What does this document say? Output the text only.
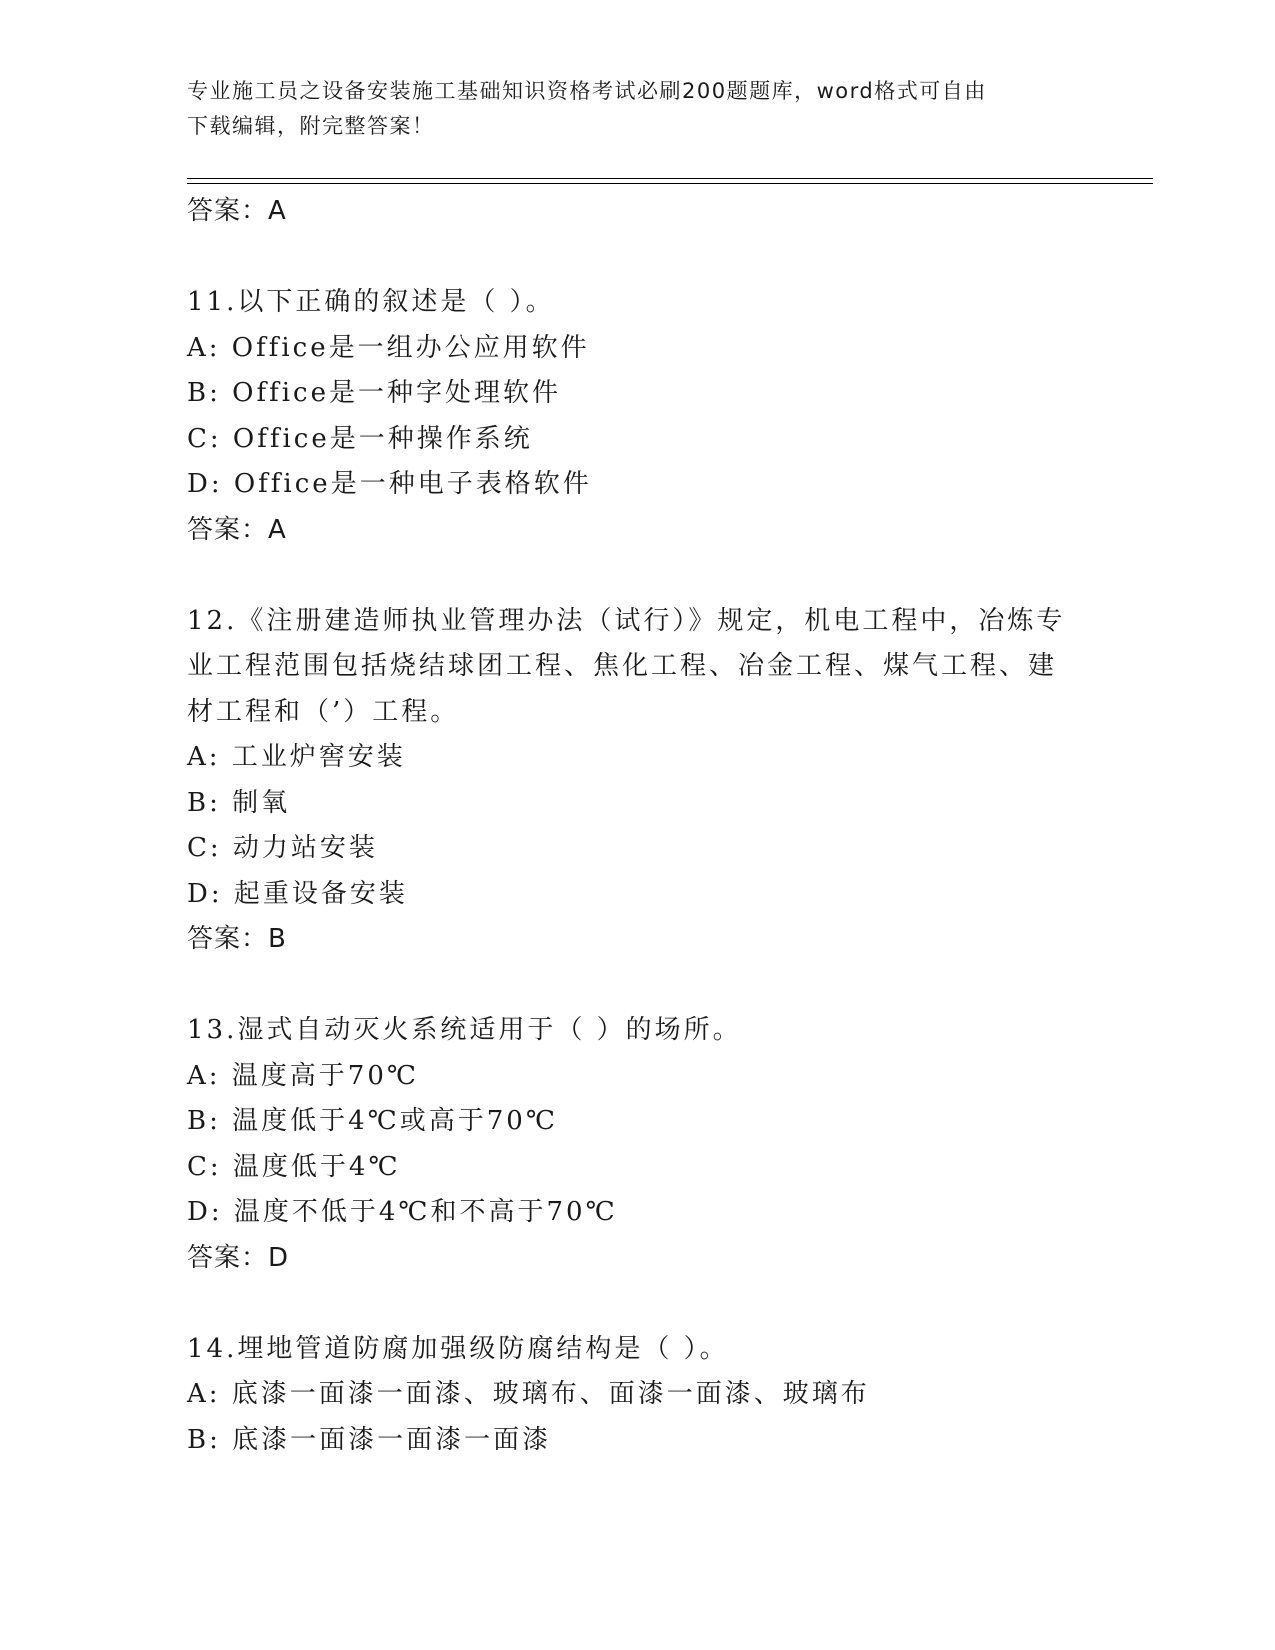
专业施工员之设备安装施工基础知识资格考试必刷200题题库，word格式可自由
下载编辑，附完整答案！
答案：A
11.以下正确的叙述是（ ）。
A: Office是一组办公应用软件
B: Office是一种字处理软件
C: Office是一种操作系统
D: Office是一种电子表格软件
答案：A
12.《注册建造师执业管理办法（试行）》规定，机电工程中，冶炼专
业工程范围包括烧结球团工程、焦化工程、冶金工程、煤气工程、建
材工程和（’）工程。
A: 工业炉窖安装
B: 制氧
C: 动力站安装
D: 起重设备安装
答案：B
13.湿式自动灭火系统适用于（ ）的场所。
A: 温度高于70℃
B: 温度低于4℃或高于70℃
C: 温度低于4℃
D: 温度不低于4℃和不高于70℃
答案：D
14.埋地管道防腐加强级防腐结构是（ ）。
A: 底漆一面漆一面漆、玻璃布、面漆一面漆、玻璃布
B: 底漆一面漆一面漆一面漆
